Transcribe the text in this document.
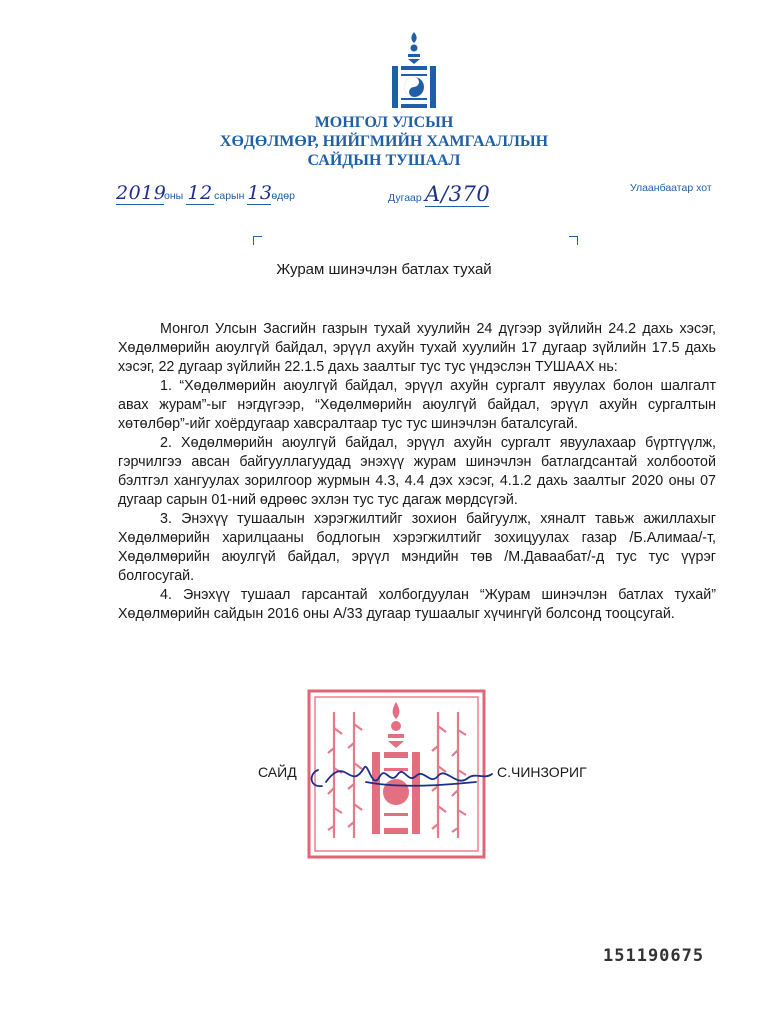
МОНГОЛ УЛСЫН
ХӨДӨЛМӨР, НИЙГМИЙН ХАМГААЛЛЫН
САЙДЫН ТУШААЛ
2019оны 12сарын 13өдөр	Дугаар А/370	Улаанбаатар хот
Журам шинэчлэн батлах тухай

Монгол Улсын Засгийн газрын тухай хуулийн 24 дүгээр зүйлийн 24.2 дахь хэсэг, Хөдөлмөрийн аюулгүй байдал, эрүүл ахуйн тухай хуулийн 17 дугаар зүйлийн 17.5 дахь хэсэг, 22 дугаар зүйлийн 22.1.5 дахь заалтыг тус тус үндэслэн ТУШААХ нь:

1. “Хөдөлмөрийн аюулгүй байдал, эрүүл ахуйн сургалт явуулах болон шалгалт авах журам”-ыг нэгдүгээр, “Хөдөлмөрийн аюулгүй байдал, эрүүл ахуйн сургалтын хөтөлбөр”-ийг хоёрдугаар хавсралтаар тус тус шинэчлэн баталсугай.

2. Хөдөлмөрийн аюулгүй байдал, эрүүл ахуйн сургалт явуулахаар бүртгүүлж, гэрчилгээ авсан байгууллагуудад энэхүү журам шинэчлэн батлагдсантай холбоотой бэлтгэл хангуулах зорилгоор журмын 4.3, 4.4 дэх хэсэг, 4.1.2 дахь заалтыг 2020 оны 07 дугаар сарын 01-ний өдрөөс эхлэн тус тус дагаж мөрдсүгэй.

3. Энэхүү тушаалын хэрэгжилтийг зохион байгуулж, хяналт тавьж ажиллахыг Хөдөлмөрийн харилцааны бодлогын хэрэгжилтийг зохицуулах газар /Б.Алимаа/-т, Хөдөлмөрийн аюулгүй байдал, эрүүл мэндийн төв /М.Даваабат/-д тус тус үүрэг болгосугай.

4. Энэхүү тушаал гарсантай холбогдуулан “Журам шинэчлэн батлах тухай” Хөдөлмөрийн сайдын 2016 оны А/33 дугаар тушаалыг хүчингүй болсонд тооцсугай.

САЙД	С.ЧИНЗОРИГ
151190675
